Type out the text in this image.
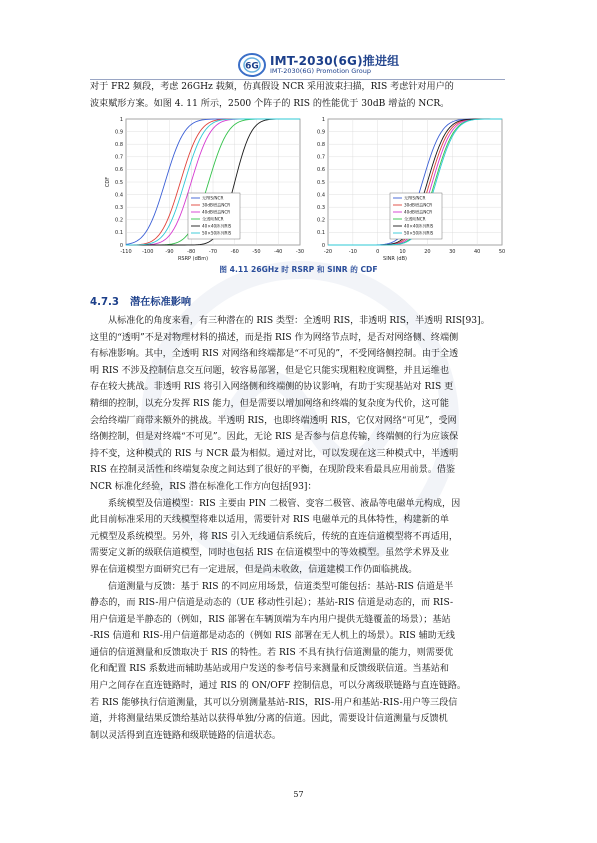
6G IMT-2030(6G)推进组
IMT-2030(6G) Promotion Group
对于 FR2 频段，考虑 26GHz 载频，仿真假设 NCR 采用波束扫描，RIS 考虑针对用户的
波束赋形方案。如图 4. 11 所示，2500 个阵子的 RIS 的性能优于 30dB 增益的 NCR。
-110 -100 -90	-80	-70	-60	-50	-40	-30
0
0.1
0.2
0.3
0.4
0.5
0.6
0.7
0.8
0.9
1
RSRP (dBm)
CDF
无RIS/NCR
30dB增益NCR
40dB增益NCR
全透明NCR
40×40阵列RIS
50×50阵列RIS
-20	-10	0	10	20	30	40	50
0
0.1
0.2
0.3
0.4
0.5
0.6
0.7
0.8
0.9
1
SINR (dB)
无RIS/NCR
30dB增益NCR
40dB增益NCR
全透明NCR
40×40阵列RIS
50×50阵列RIS
图 4.11 26GHz 时 RSRP 和 SINR 的 CDF
4.7.3 潜在标准影响
从标准化的角度来看，有三种潜在的 RIS 类型：全透明 RIS，非透明 RIS，半透明 RIS[93]。
这里的“透明”不是对物理材料的描述，而是指 RIS 作为网络节点时，是否对网络侧、终端侧
有标准影响。其中，全透明 RIS 对网络和终端都是“不可见的”，不受网络侧控制。由于全透
明 RIS 不涉及控制信息交互问题，较容易部署，但是它只能实现粗粒度调整，并且运维也
存在较大挑战。非透明 RIS 将引入网络侧和终端侧的协议影响，有助于实现基站对 RIS 更
精细的控制，以充分发挥 RIS 能力，但是需要以增加网络和终端的复杂度为代价，这可能
会给终端厂商带来额外的挑战。半透明 RIS，也即终端透明 RIS，它仅对网络“可见”，受网
络侧控制，但是对终端“不可见”。因此，无论 RIS 是否参与信息传输，终端侧的行为应该保
持不变，这种模式的 RIS 与 NCR 最为相似。通过对比，可以发现在这三种模式中，半透明
RIS 在控制灵活性和终端复杂度之间达到了很好的平衡，在现阶段来看最具应用前景。借鉴
NCR 标准化经验，RIS 潜在标准化工作方向包括[93]：
系统模型及信道模型：RIS 主要由 PIN 二极管、变容二极管、液晶等电磁单元构成，因
此目前标准采用的天线模型将难以适用，需要针对 RIS 电磁单元的具体特性，构建新的单
元模型及系统模型。另外，将 RIS 引入无线通信系统后，传统的直连信道模型将不再适用，
需要定义新的级联信道模型，同时也包括 RIS 在信道模型中的等效模型。虽然学术界及业
界在信道模型方面研究已有一定进展，但是尚未收敛，信道建模工作仍面临挑战。
信道测量与反馈：基于 RIS 的不同应用场景，信道类型可能包括：基站-RIS 信道是半
静态的，而 RIS-用户信道是动态的（UE 移动性引起）；基站-RIS 信道是动态的，而 RIS-
用户信道是半静态的（例如，RIS 部署在车辆顶端为车内用户提供无缝覆盖的场景）；基站
-RIS 信道和 RIS-用户信道都是动态的（例如 RIS 部署在无人机上的场景）。RIS 辅助无线
通信的信道测量和反馈取决于 RIS 的特性。若 RIS 不具有执行信道测量的能力，则需要优
化和配置 RIS 系数进而辅助基站或用户发送的参考信号来测量和反馈级联信道。当基站和
用户之间存在直连链路时，通过 RIS 的 ON/OFF 控制信息，可以分离级联链路与直连链路。
若 RIS 能够执行信道测量，其可以分别测量基站-RIS，RIS-用户和基站-RIS-用户等三段信
道，并将测量结果反馈给基站以获得单独/分离的信道。因此，需要设计信道测量与反馈机
制以灵活得到直连链路和级联链路的信道状态。
57
